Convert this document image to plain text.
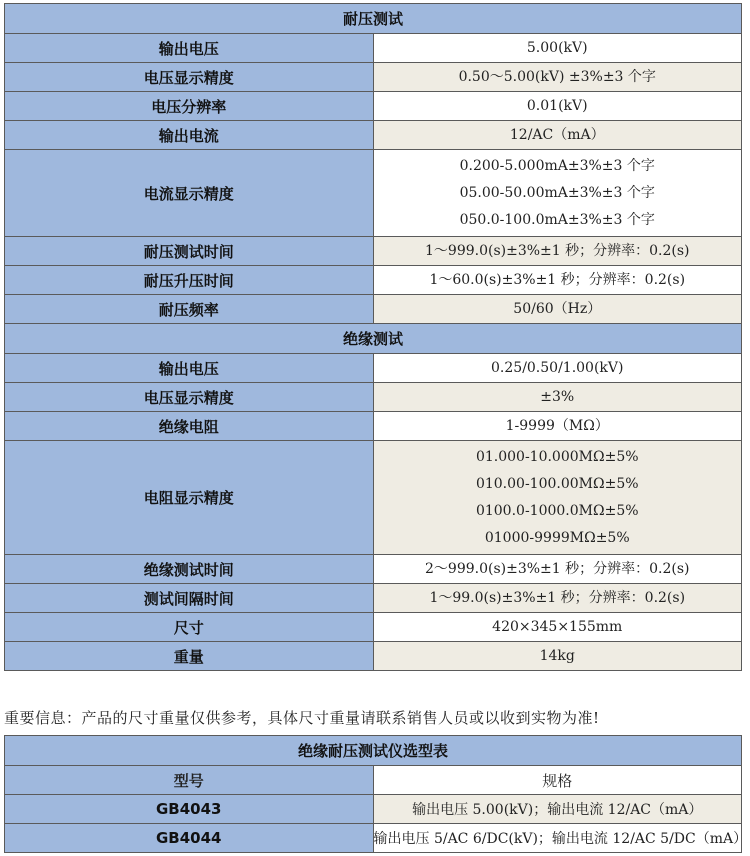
耐压测试	
输出电压	5.00(kV)

电压显示精度	0.50～5.00(kV) ±3%±3 个字

电压分辨率	0.01(kV)

输出电流	12/AC（mA）

电流显示精度	0.200-5.000mA±3%±3 个字
05.00-50.00mA±3%±3 个字
050.0-100.0mA±3%±3 个字

耐压测试时间	1～999.0(s)±3%±1 秒；分辨率：0.2(s)

耐压升压时间	1～60.0(s)±3%±1 秒；分辨率：0.2(s)

耐压频率	50/60（Hz）

绝缘测试	
输出电压	0.25/0.50/1.00(kV)

电压显示精度	±3%

绝缘电阻	1-9999（MΩ）

电阻显示精度	01.000-10.000MΩ±5%
010.00-100.00MΩ±5%
0100.0-1000.0MΩ±5%
01000-9999MΩ±5%

绝缘测试时间	2～999.0(s)±3%±1 秒；分辨率：0.2(s)

测试间隔时间	1～99.0(s)±3%±1 秒；分辨率：0.2(s)

尺寸	420×345×155mm

重量	14kg
重要信息：产品的尺寸重量仅供参考，具体尺寸重量请联系销售人员或以收到实物为准!
绝缘耐压测试仪选型表	
型号	规格
GB4043	输出电压 5.00(kV)；输出电流 12/AC（mA）
GB4044	输出电压 5/AC 6/DC(kV)；输出电流 12/AC 5/DC（mA）
